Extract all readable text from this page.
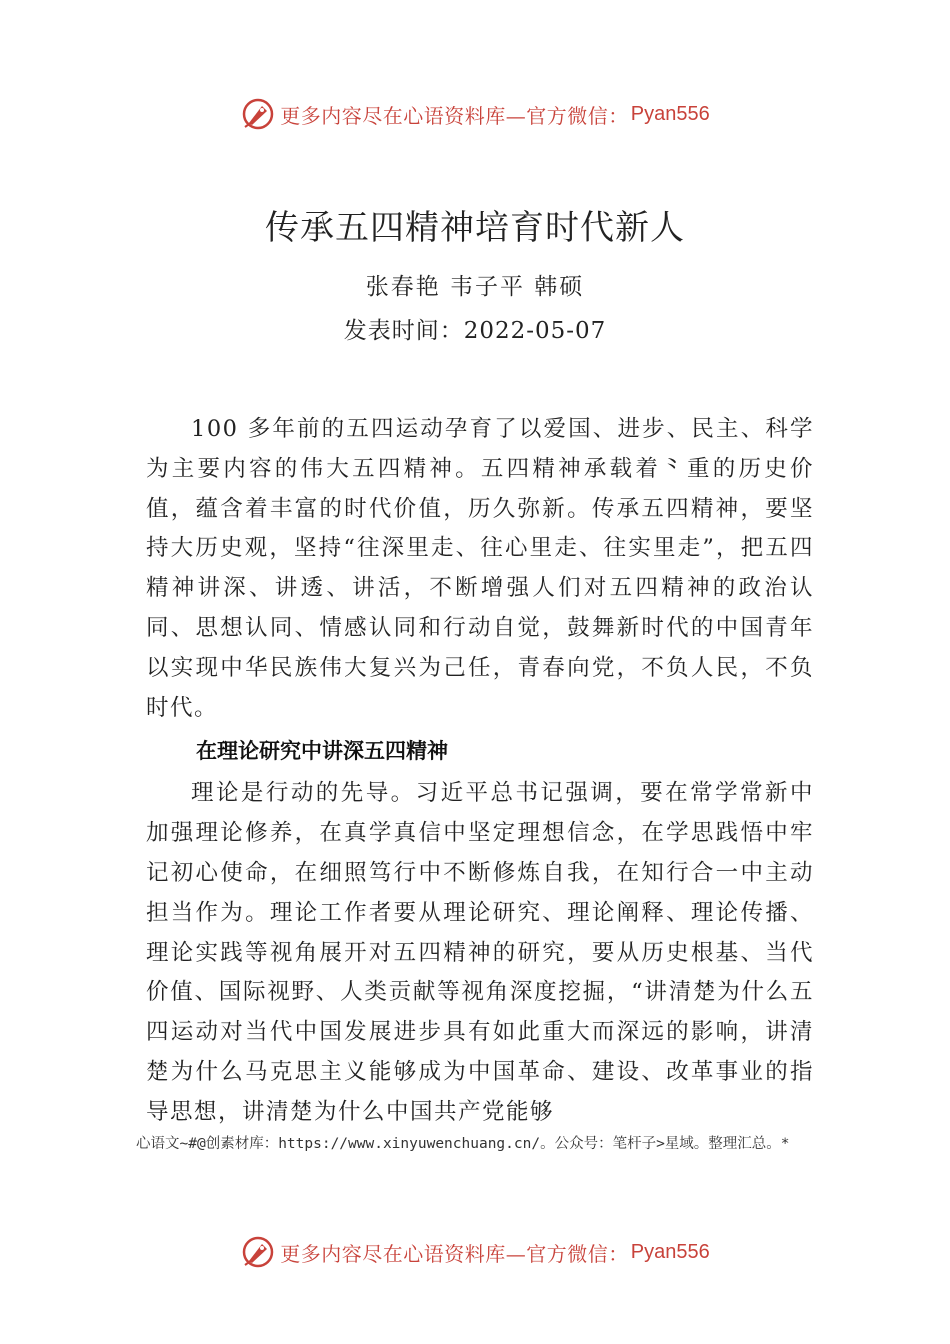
更多内容尽在心语资料库—官方微信： Pyan556
传承五四精神培育时代新人
张春艳 韦子平 韩硕
发表时间：2022-05-07

100 多年前的五四运动孕育了以爱国、进步、民主、科学为主要内容的伟大五四精神。五四精神承载着⺀重的历史价值，蕴含着丰富的时代价值，历久弥新。传承五四精神，要坚持大历史观，坚持“往深里走、往心里走、往实里走”，把五四精神讲深、讲透、讲活，不断增强人们对五四精神的政治认同、思想认同、情感认同和行动自觉，鼓舞新时代的中国青年以实现中华民族伟大复兴为己任，青春向党，不负人民，不负时代。

在理论研究中讲深五四精神

理论是行动的先导。习近平总书记强调，要在常学常新中加强理论修养，在真学真信中坚定理想信念，在学思践悟中牢记初心使命，在细照笃行中不断修炼自我，在知行合一中主动担当作为。理论工作者要从理论研究、理论阐释、理论传播、理论实践等视角展开对五四精神的研究，要从历史根基、当代价值、国际视野、人类贡献等视角深度挖掘，“讲清楚为什么五四运动对当代中国发展进步具有如此重大而深远的影响，讲清楚为什么马克思主义能够成为中国革命、建设、改革事业的指导思想，讲清楚为什么中国共产党能够

心语文~#@创素材库：https://www.xinyuwenchuang.cn/。公众号：笔杆子>星域。整理汇总。*
更多内容尽在心语资料库—官方微信： Pyan556
